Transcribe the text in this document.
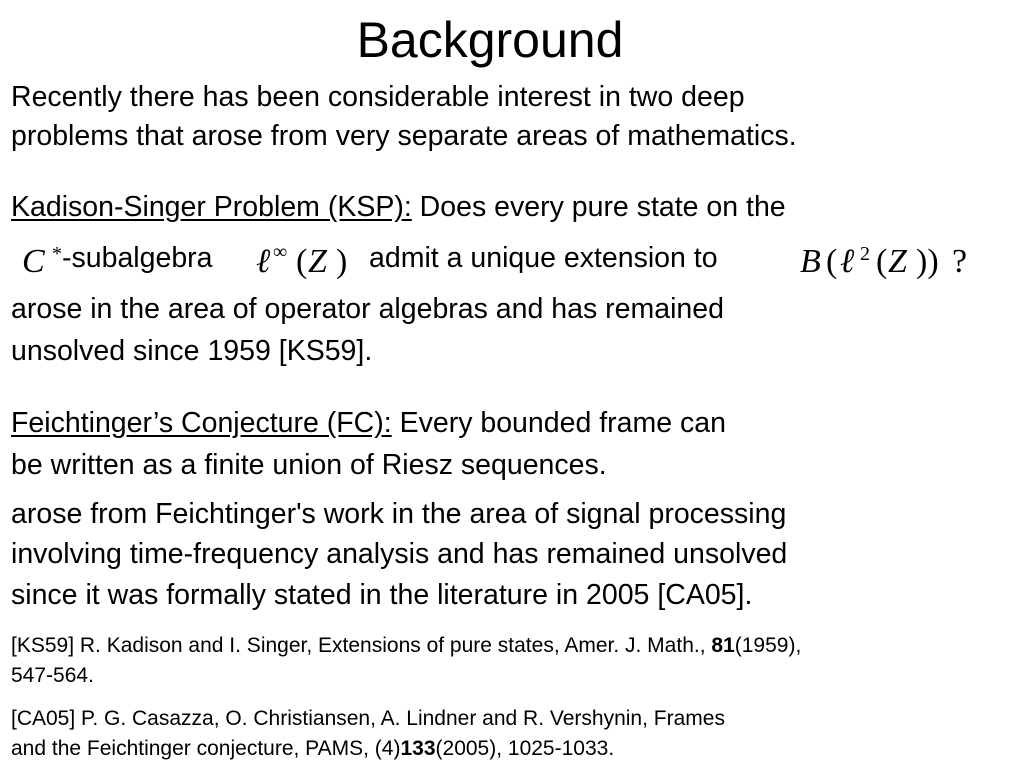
Background

Recently there has been considerable interest in two deep

problems that arose from very separate areas of mathematics.

Kadison-Singer Problem (KSP): Does every pure state on the

C * -subalgebra ℓ ∞ ( Z ) admit a unique extension to B ( ℓ 2 ( Z )) ?

arose in the area of operator algebras and has remained

unsolved since 1959 [KS59].

Feichtinger’s Conjecture (FC): Every bounded frame can

be written as a finite union of Riesz sequences.

arose from Feichtinger's work in the area of signal processing

involving time-frequency analysis and has remained unsolved

since it was formally stated in the literature in 2005 [CA05].

[KS59] R. Kadison and I. Singer, Extensions of pure states, Amer. J. Math., 81(1959),

547-564.

[CA05] P. G. Casazza, O. Christiansen, A. Lindner and R. Vershynin, Frames

and the Feichtinger conjecture, PAMS, (4)133(2005), 1025-1033.
